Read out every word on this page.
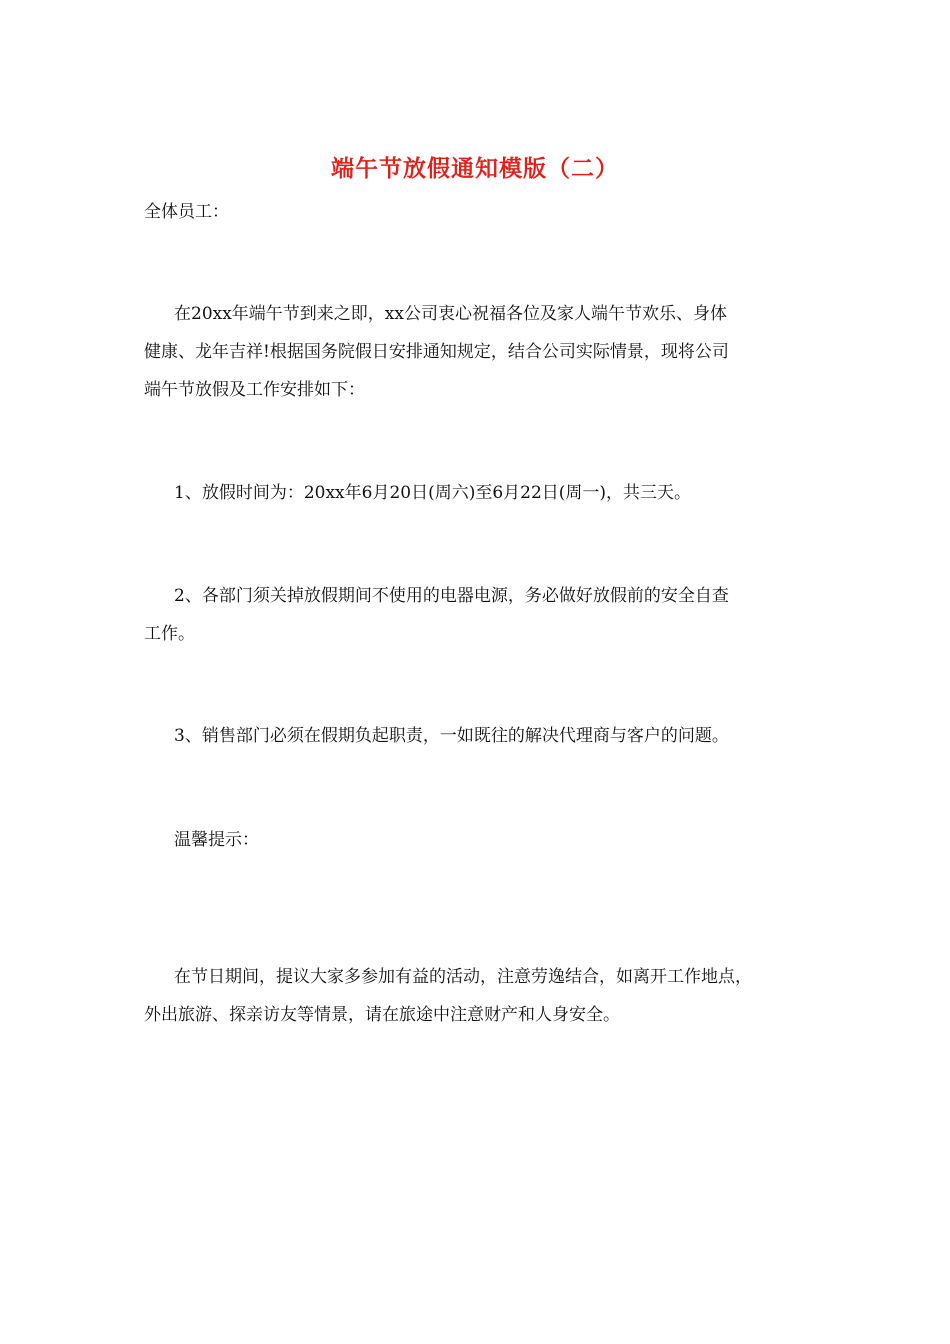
端午节放假通知模版（二）

全体员工：

在20xx年端午节到来之即，xx公司衷心祝福各位及家人端午节欢乐、身体
健康、龙年吉祥!根据国务院假日安排通知规定，结合公司实际情景，现将公司
端午节放假及工作安排如下：

1、放假时间为：20xx年6月20日(周六)至6月22日(周一)，共三天。

2、各部门须关掉放假期间不使用的电器电源，务必做好放假前的安全自查
工作。

3、销售部门必须在假期负起职责，一如既往的解决代理商与客户的问题。

温馨提示：

在节日期间，提议大家多参加有益的活动，注意劳逸结合，如离开工作地点，
外出旅游、探亲访友等情景，请在旅途中注意财产和人身安全。
